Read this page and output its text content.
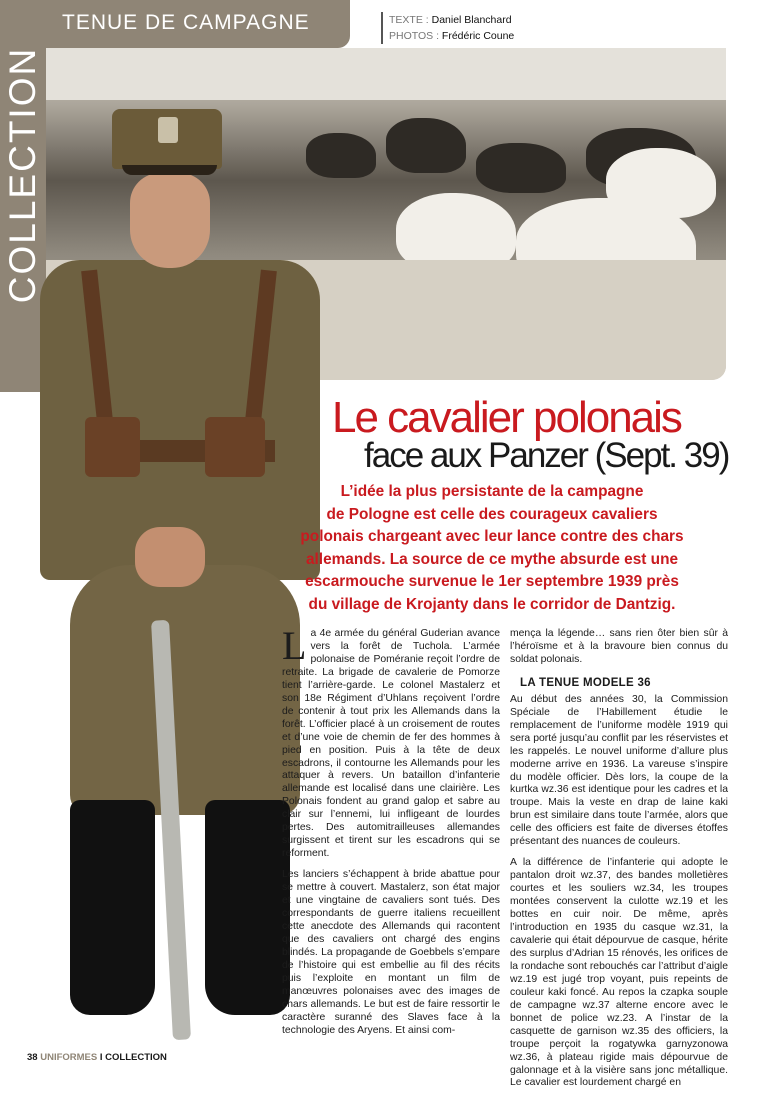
COLLECTION
TENUE DE CAMPAGNE	TEXTE : Daniel Blanchard
PHOTOS : Frédéric Coune
Le cavalier polonais
face aux Panzer (Sept. 39)

L’idée la plus persistante de la campagne

de Pologne est celle des courageux cavaliers

polonais chargeant avec leur lance contre des chars

allemands. La source de ce mythe absurde est une

escarmouche survenue le 1er septembre 1939 près

du village de Krojanty dans le corridor de Dantzig.

La 4e armée du général Guderian avance vers la forêt de Tuchola. L’armée polonaise de Poméranie reçoit l’ordre de retraite. La brigade de cavalerie de Pomorze tient l’arrière-garde. Le colonel Mastalerz et son 18e Régiment d’Uhlans reçoivent l’ordre de contenir à tout prix les Allemands dans la forêt. L’officier placé à un croisement de routes et d’une voie de chemin de fer des hommes à pied en position. Puis à la tête de deux escadrons, il contourne les Allemands pour les attaquer à revers. Un bataillon d’infanterie allemande est localisé dans une clairière. Les Polonais fondent au grand galop et sabre au clair sur l’ennemi, lui infligeant de lourdes pertes. Des automitrailleuses allemandes surgissent et tirent sur les escadrons qui se reforment.

Les lanciers s’échappent à bride abattue pour se mettre à couvert. Mastalerz, son état major et une vingtaine de cavaliers sont tués. Des correspondants de guerre italiens recueillent cette anecdote des Allemands qui racontent que des cavaliers ont chargé des engins blindés. La propagande de Goebbels s’empare de l’histoire qui est embellie au fil des récits puis l’exploite en montant un film de manœuvres polonaises avec des images de chars allemands. Le but est de faire ressortir le caractère suranné des Slaves face à la technologie des Aryens. Et ainsi com-

mença la légende… sans rien ôter bien sûr à l’héroïsme et à la bravoure bien connus du soldat polonais.

LA TENUE MODELE 36

Au début des années 30, la Commission Spéciale de l’Habillement étudie le remplacement de l’uniforme modèle 1919 qui sera porté jusqu’au conflit par les réservistes et les rappelés. Le nouvel uniforme d’allure plus moderne arrive en 1936. La vareuse s’inspire du modèle officier. Dès lors, la coupe de la kurtka wz.36 est identique pour les cadres et la troupe. Mais la veste en drap de laine kaki brun est similaire dans toute l’armée, alors que celle des officiers est faite de diverses étoffes présentant des nuances de couleurs.

A la différence de l’infanterie qui adopte le pantalon droit wz.37, des bandes molletières courtes et les souliers wz.34, les troupes montées conservent la culotte wz.19 et les bottes en cuir noir. De même, après l’introduction en 1935 du casque wz.31, la cavalerie qui était dépourvue de casque, hérite des surplus d’Adrian 15 rénovés, les orifices de la rondache sont rebouchés car l’attribut d’aigle wz.19 est jugé trop voyant, puis repeints de couleur kaki foncé. Au repos la czapka souple de campagne wz.37 alterne encore avec le bonnet de police wz.23. A l’instar de la casquette de garnison wz.35 des officiers, la troupe perçoit la rogatywka garnyzonowa wz.36, à plateau rigide mais dépourvue de galonnage et à la visière sans jonc métallique. Le cavalier est lourdement chargé en

38 UNIFORMES I COLLECTION
